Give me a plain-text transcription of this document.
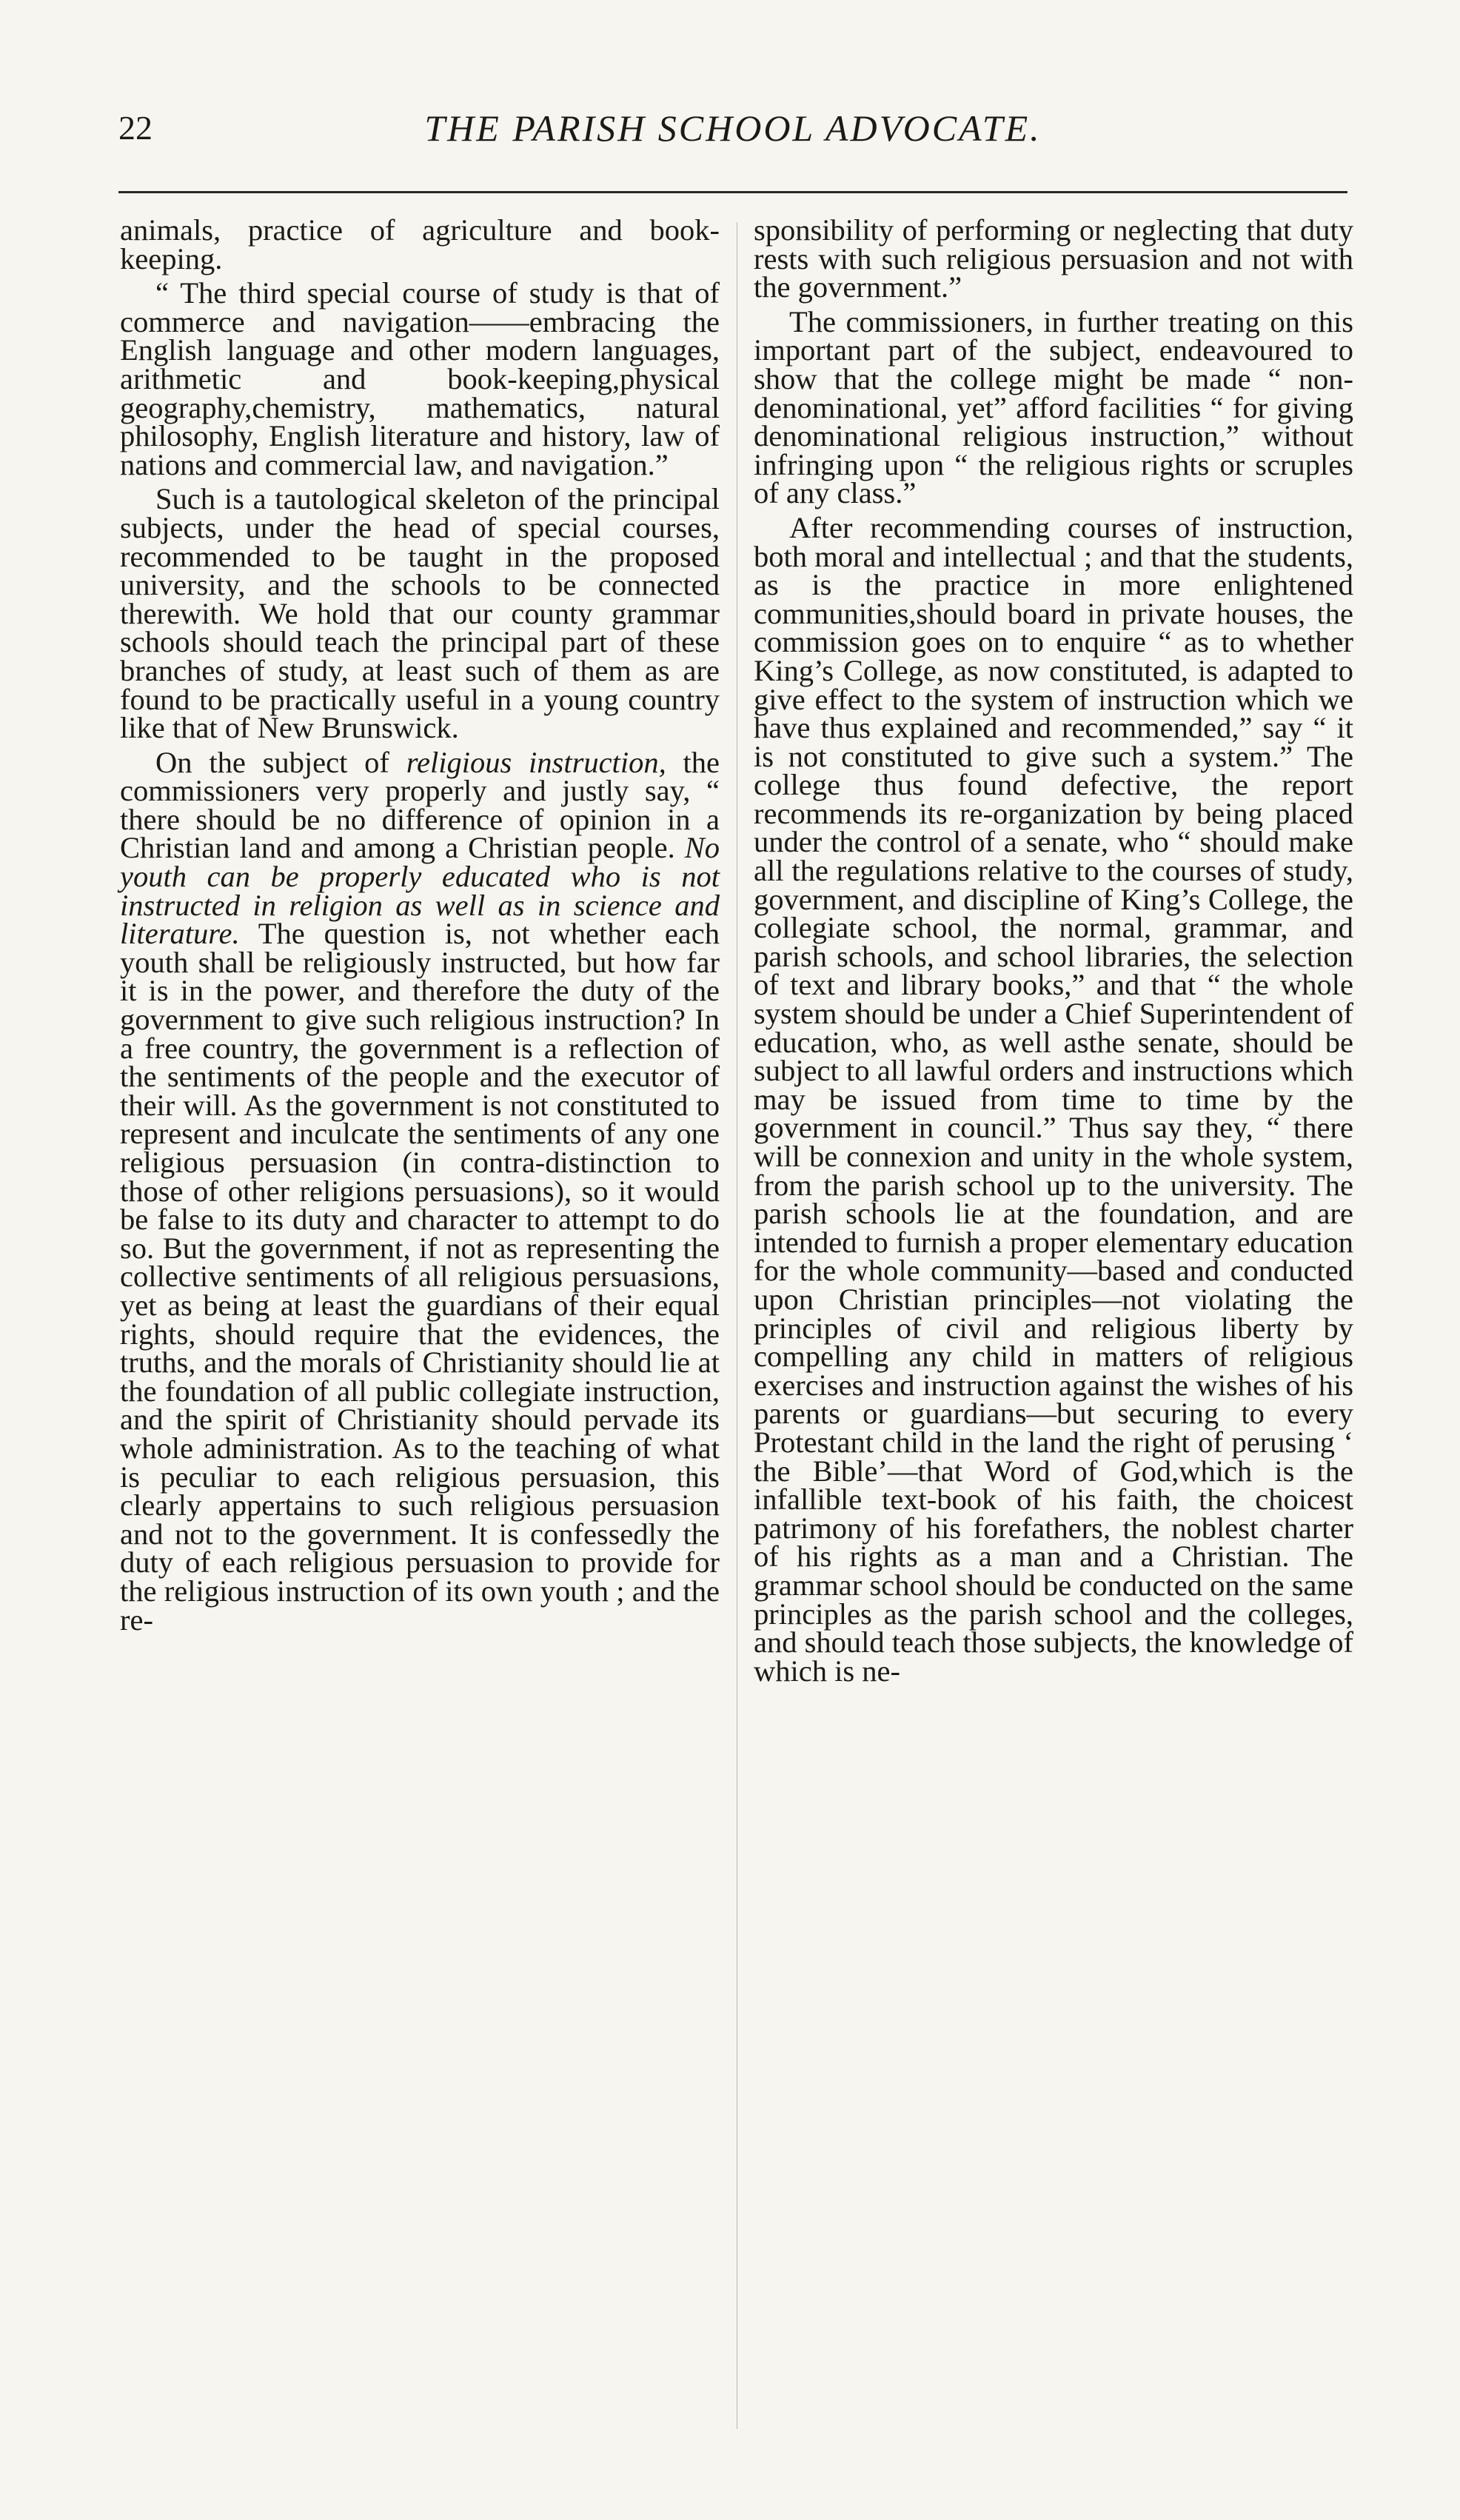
22	THE PARISH SCHOOL ADVOCATE.

animals, practice of agriculture and book-keeping.

“ The third special course of study is that of commerce and navigation——embracing the English language and other modern languages, arithmetic and book-keeping,physical geography,chemistry, mathematics, natural philosophy, English literature and history, law of nations and commercial law, and navigation.”

Such is a tautological skeleton of the principal subjects, under the head of special courses, recommended to be taught in the proposed university, and the schools to be connected therewith. We hold that our county grammar schools should teach the principal part of these branches of study, at least such of them as are found to be practically useful in a young country like that of New Brunswick.

On the subject of religious instruction, the commissioners very properly and justly say, “ there should be no difference of opinion in a Christian land and among a Christian people. No youth can be properly educated who is not instructed in religion as well as in science and literature. The question is, not whether each youth shall be religiously instructed, but how far it is in the power, and therefore the duty of the government to give such religious instruction? In a free country, the government is a reflection of the sentiments of the people and the executor of their will. As the government is not constituted to represent and inculcate the sentiments of any one religious persuasion (in contra-distinction to those of other religions persuasions), so it would be false to its duty and character to attempt to do so. But the government, if not as representing the collective sentiments of all religious persuasions, yet as being at least the guardians of their equal rights, should require that the evidences, the truths, and the morals of Christianity should lie at the foundation of all public collegiate instruction, and the spirit of Christianity should pervade its whole administration. As to the teaching of what is peculiar to each religious persuasion, this clearly appertains to such religious persuasion and not to the government. It is confessedly the duty of each religious persuasion to provide for the religious instruction of its own youth ; and the re-

sponsibility of performing or neglecting that duty rests with such religious persuasion and not with the government.”

The commissioners, in further treating on this important part of the subject, endeavoured to show that the college might be made “ non-denominational, yet” afford facilities “ for giving denominational religious instruction,” without infringing upon “ the religious rights or scruples of any class.”

After recommending courses of instruction, both moral and intellectual ; and that the students, as is the practice in more enlightened communities,should board in private houses, the commission goes on to enquire “ as to whether King’s College, as now constituted, is adapted to give effect to the system of instruction which we have thus explained and recommended,” say “ it is not constituted to give such a system.” The college thus found defective, the report recommends its re-organization by being placed under the control of a senate, who “ should make all the regulations relative to the courses of study, government, and discipline of King’s College, the collegiate school, the normal, grammar, and parish schools, and school libraries, the selection of text and library books,” and that “ the whole system should be under a Chief Superintendent of education, who, as well asthe senate, should be subject to all lawful orders and instructions which may be issued from time to time by the government in council.” Thus say they, “ there will be connexion and unity in the whole system, from the parish school up to the university. The parish schools lie at the foundation, and are intended to furnish a proper elementary education for the whole community—based and conducted upon Christian principles—not violating the principles of civil and religious liberty by compelling any child in matters of religious exercises and instruction against the wishes of his parents or guardians—but securing to every Protestant child in the land the right of perusing ‘ the Bible’—that Word of God,which is the infallible text-book of his faith, the choicest patrimony of his forefathers, the noblest charter of his rights as a man and a Christian. The grammar school should be conducted on the same principles as the parish school and the colleges, and should teach those subjects, the knowledge of which is ne-
